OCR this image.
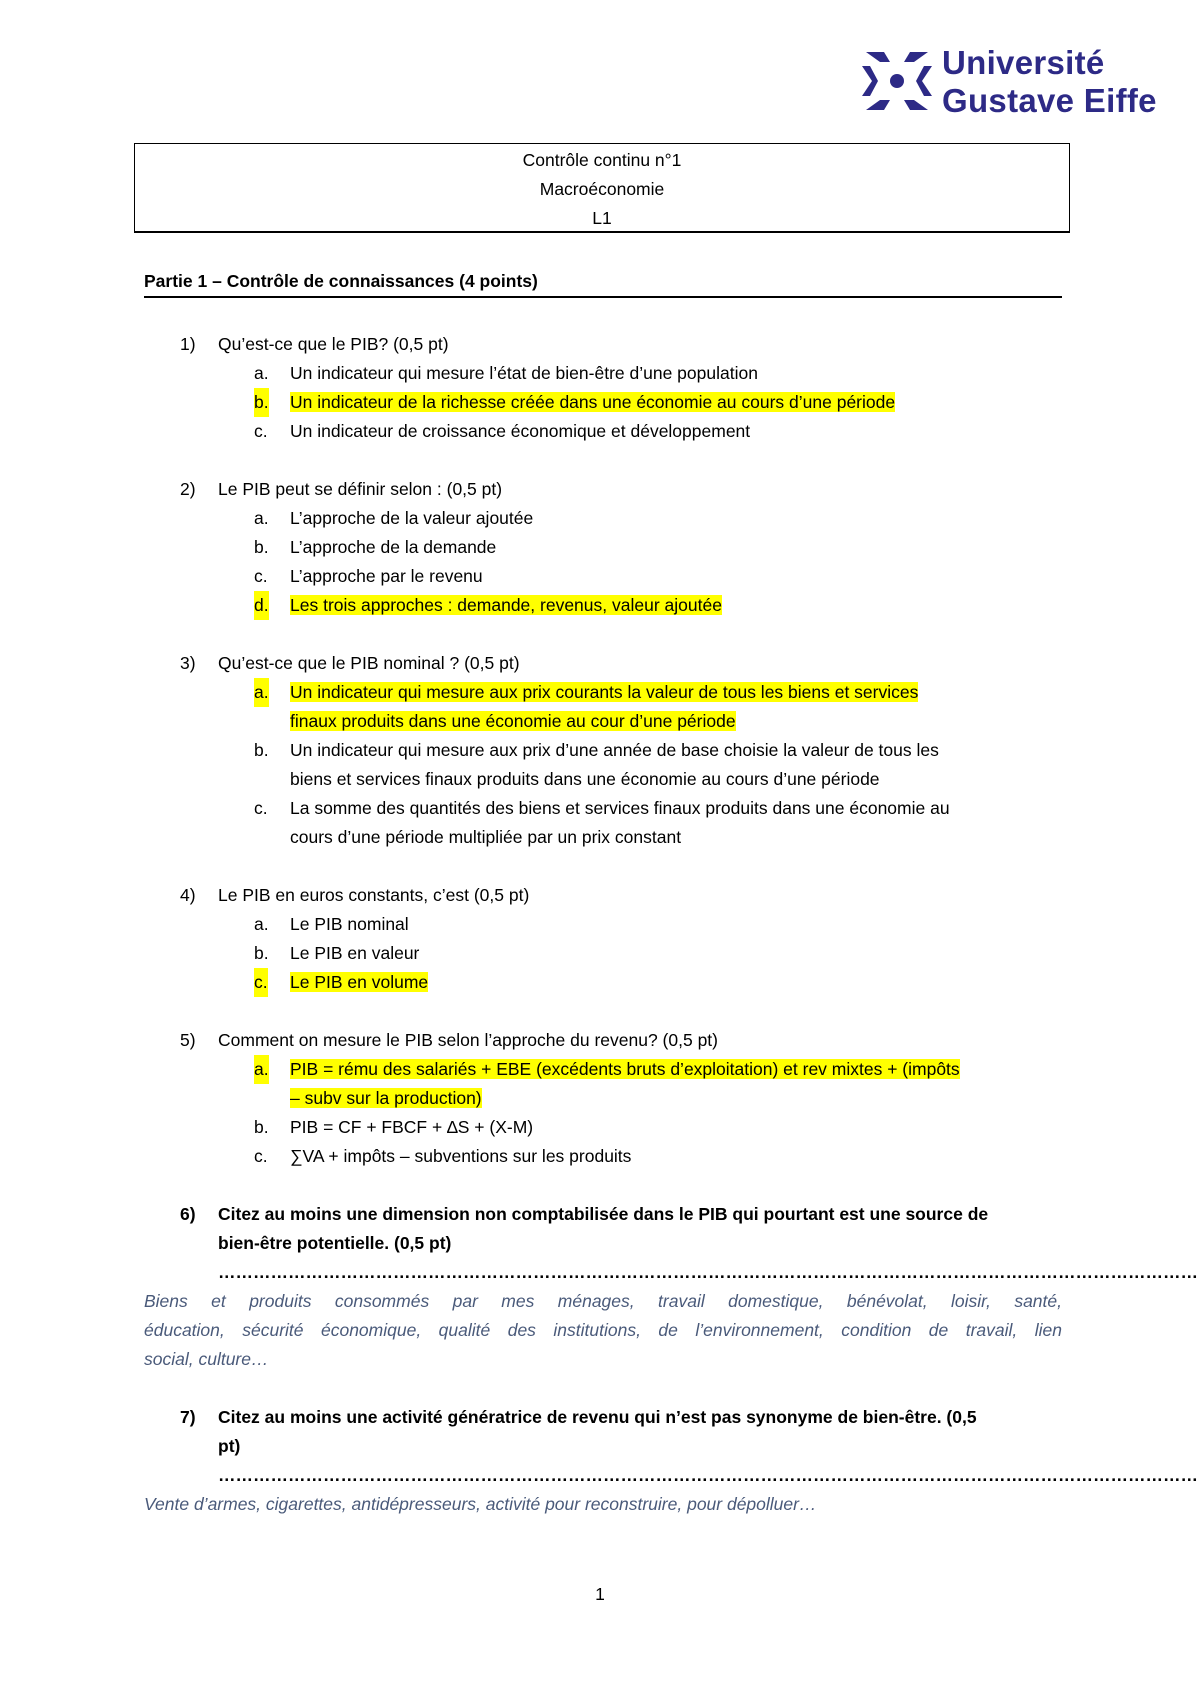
Université
Gustave Eiffe
Contrôle continu n°1
Macroéconomie
L1
Partie 1 – Contrôle de connaissances (4 points)
1) Qu’est-ce que le PIB? (0,5 pt)
a. Un indicateur qui mesure l’état de bien-être d’une population
b. Un indicateur de la richesse créée dans une économie au cours d’une période
c. Un indicateur de croissance économique et développement
2) Le PIB peut se définir selon : (0,5 pt)
a. L’approche de la valeur ajoutée
b. L’approche de la demande
c. L’approche par le revenu
d. Les trois approches : demande, revenus, valeur ajoutée
3) Qu’est-ce que le PIB nominal ? (0,5 pt)
a. Un indicateur qui mesure aux prix courants la valeur de tous les biens et services
finaux produits dans une économie au cour d’une période
b. Un indicateur qui mesure aux prix d’une année de base choisie la valeur de tous les
biens et services finaux produits dans une économie au cours d’une période
c. La somme des quantités des biens et services finaux produits dans une économie au
cours d’une période multipliée par un prix constant
4) Le PIB en euros constants, c’est (0,5 pt)
a. Le PIB nominal
b. Le PIB en valeur
c. Le PIB en volume
5) Comment on mesure le PIB selon l’approche du revenu? (0,5 pt)
a. PIB = rému des salariés + EBE (excédents bruts d’exploitation) et rev mixtes + (impôts
– subv sur la production)
b. PIB = CF + FBCF + ∆S + (X-M)
c. ∑VA + impôts – subventions sur les produits
6) Citez au moins une dimension non comptabilisée dans le PIB qui pourtant est une source de
bien-être potentielle. (0,5 pt)
……………………………………………………………………………………………………………………………………………………
Biens et produits consommés par mes ménages, travail domestique, bénévolat, loisir, santé,
éducation, sécurité économique, qualité des institutions, de l’environnement, condition de travail, lien
social, culture…
7) Citez au moins une activité génératrice de revenu qui n’est pas synonyme de bien-être. (0,5
pt)
……………………………………………………………………………………………………………………………………………………
Vente d’armes, cigarettes, antidépresseurs, activité pour reconstruire, pour dépolluer…
1
